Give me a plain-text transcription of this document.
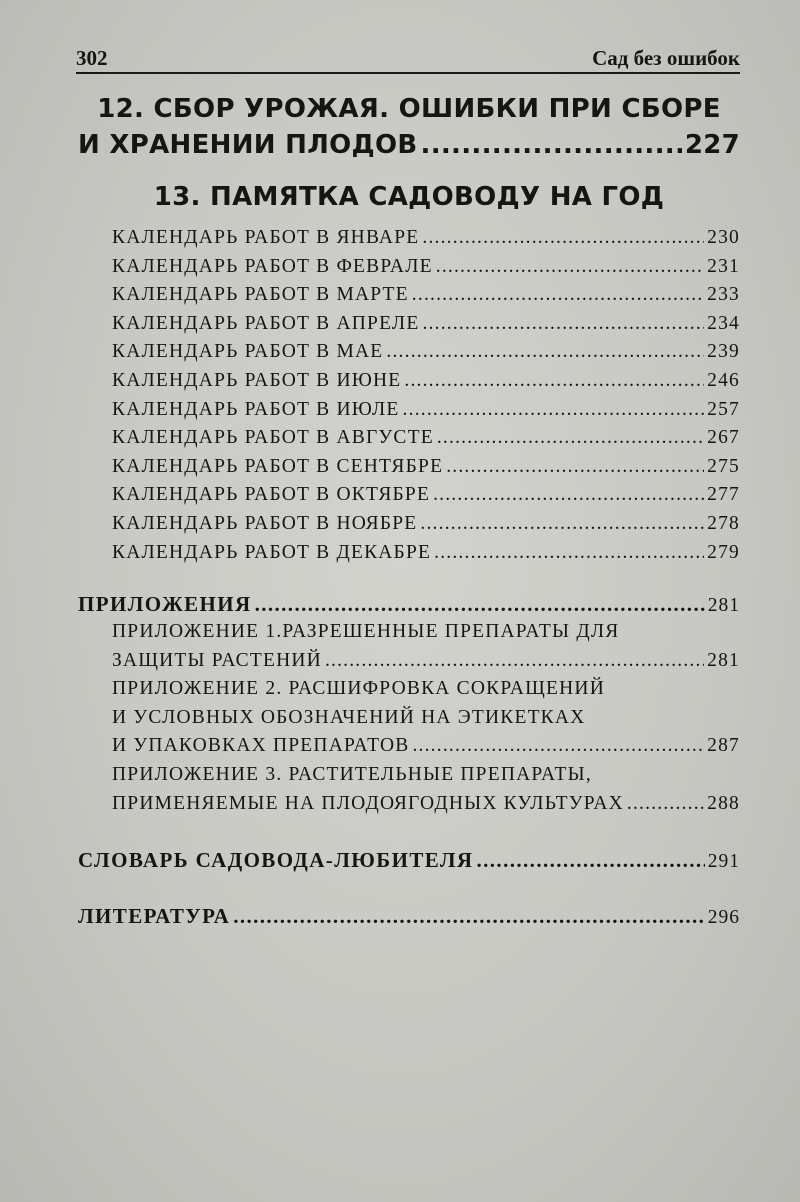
302	Сад без ошибок
12. СБОР УРОЖАЯ. ОШИБКИ ПРИ СБОРЕ
И ХРАНЕНИИ ПЛОДОВ .....	227
13. ПАМЯТКА САДОВОДУ НА ГОД
КАЛЕНДАРЬ РАБОТ В ЯНВАРЕ .....	230
КАЛЕНДАРЬ РАБОТ В ФЕВРАЛЕ .....	231
КАЛЕНДАРЬ РАБОТ В МАРТЕ .....	233
КАЛЕНДАРЬ РАБОТ В АПРЕЛЕ .....	234
КАЛЕНДАРЬ РАБОТ В МАЕ .....	239
КАЛЕНДАРЬ РАБОТ В ИЮНЕ .....	246
КАЛЕНДАРЬ РАБОТ В ИЮЛЕ .....	257
КАЛЕНДАРЬ РАБОТ В АВГУСТЕ .....	267
КАЛЕНДАРЬ РАБОТ В СЕНТЯБРЕ .....	275
КАЛЕНДАРЬ РАБОТ В ОКТЯБРЕ .....	277
КАЛЕНДАРЬ РАБОТ В НОЯБРЕ .....	278
КАЛЕНДАРЬ РАБОТ В ДЕКАБРЕ .....	279
ПРИЛОЖЕНИЯ .....	281
ПРИЛОЖЕНИЕ 1.РАЗРЕШЕННЫЕ ПРЕПАРАТЫ ДЛЯ
ЗАЩИТЫ РАСТЕНИЙ .....	281
ПРИЛОЖЕНИЕ 2. РАСШИФРОВКА СОКРАЩЕНИЙ
И УСЛОВНЫХ ОБОЗНАЧЕНИЙ НА ЭТИКЕТКАХ
И УПАКОВКАХ ПРЕПАРАТОВ .....	287
ПРИЛОЖЕНИЕ 3. РАСТИТЕЛЬНЫЕ ПРЕПАРАТЫ,
ПРИМЕНЯЕМЫЕ НА ПЛОДОЯГОДНЫХ КУЛЬТУРАХ .....	288
СЛОВАРЬ САДОВОДА-ЛЮБИТЕЛЯ .....	291
ЛИТЕРАТУРА .....	296
